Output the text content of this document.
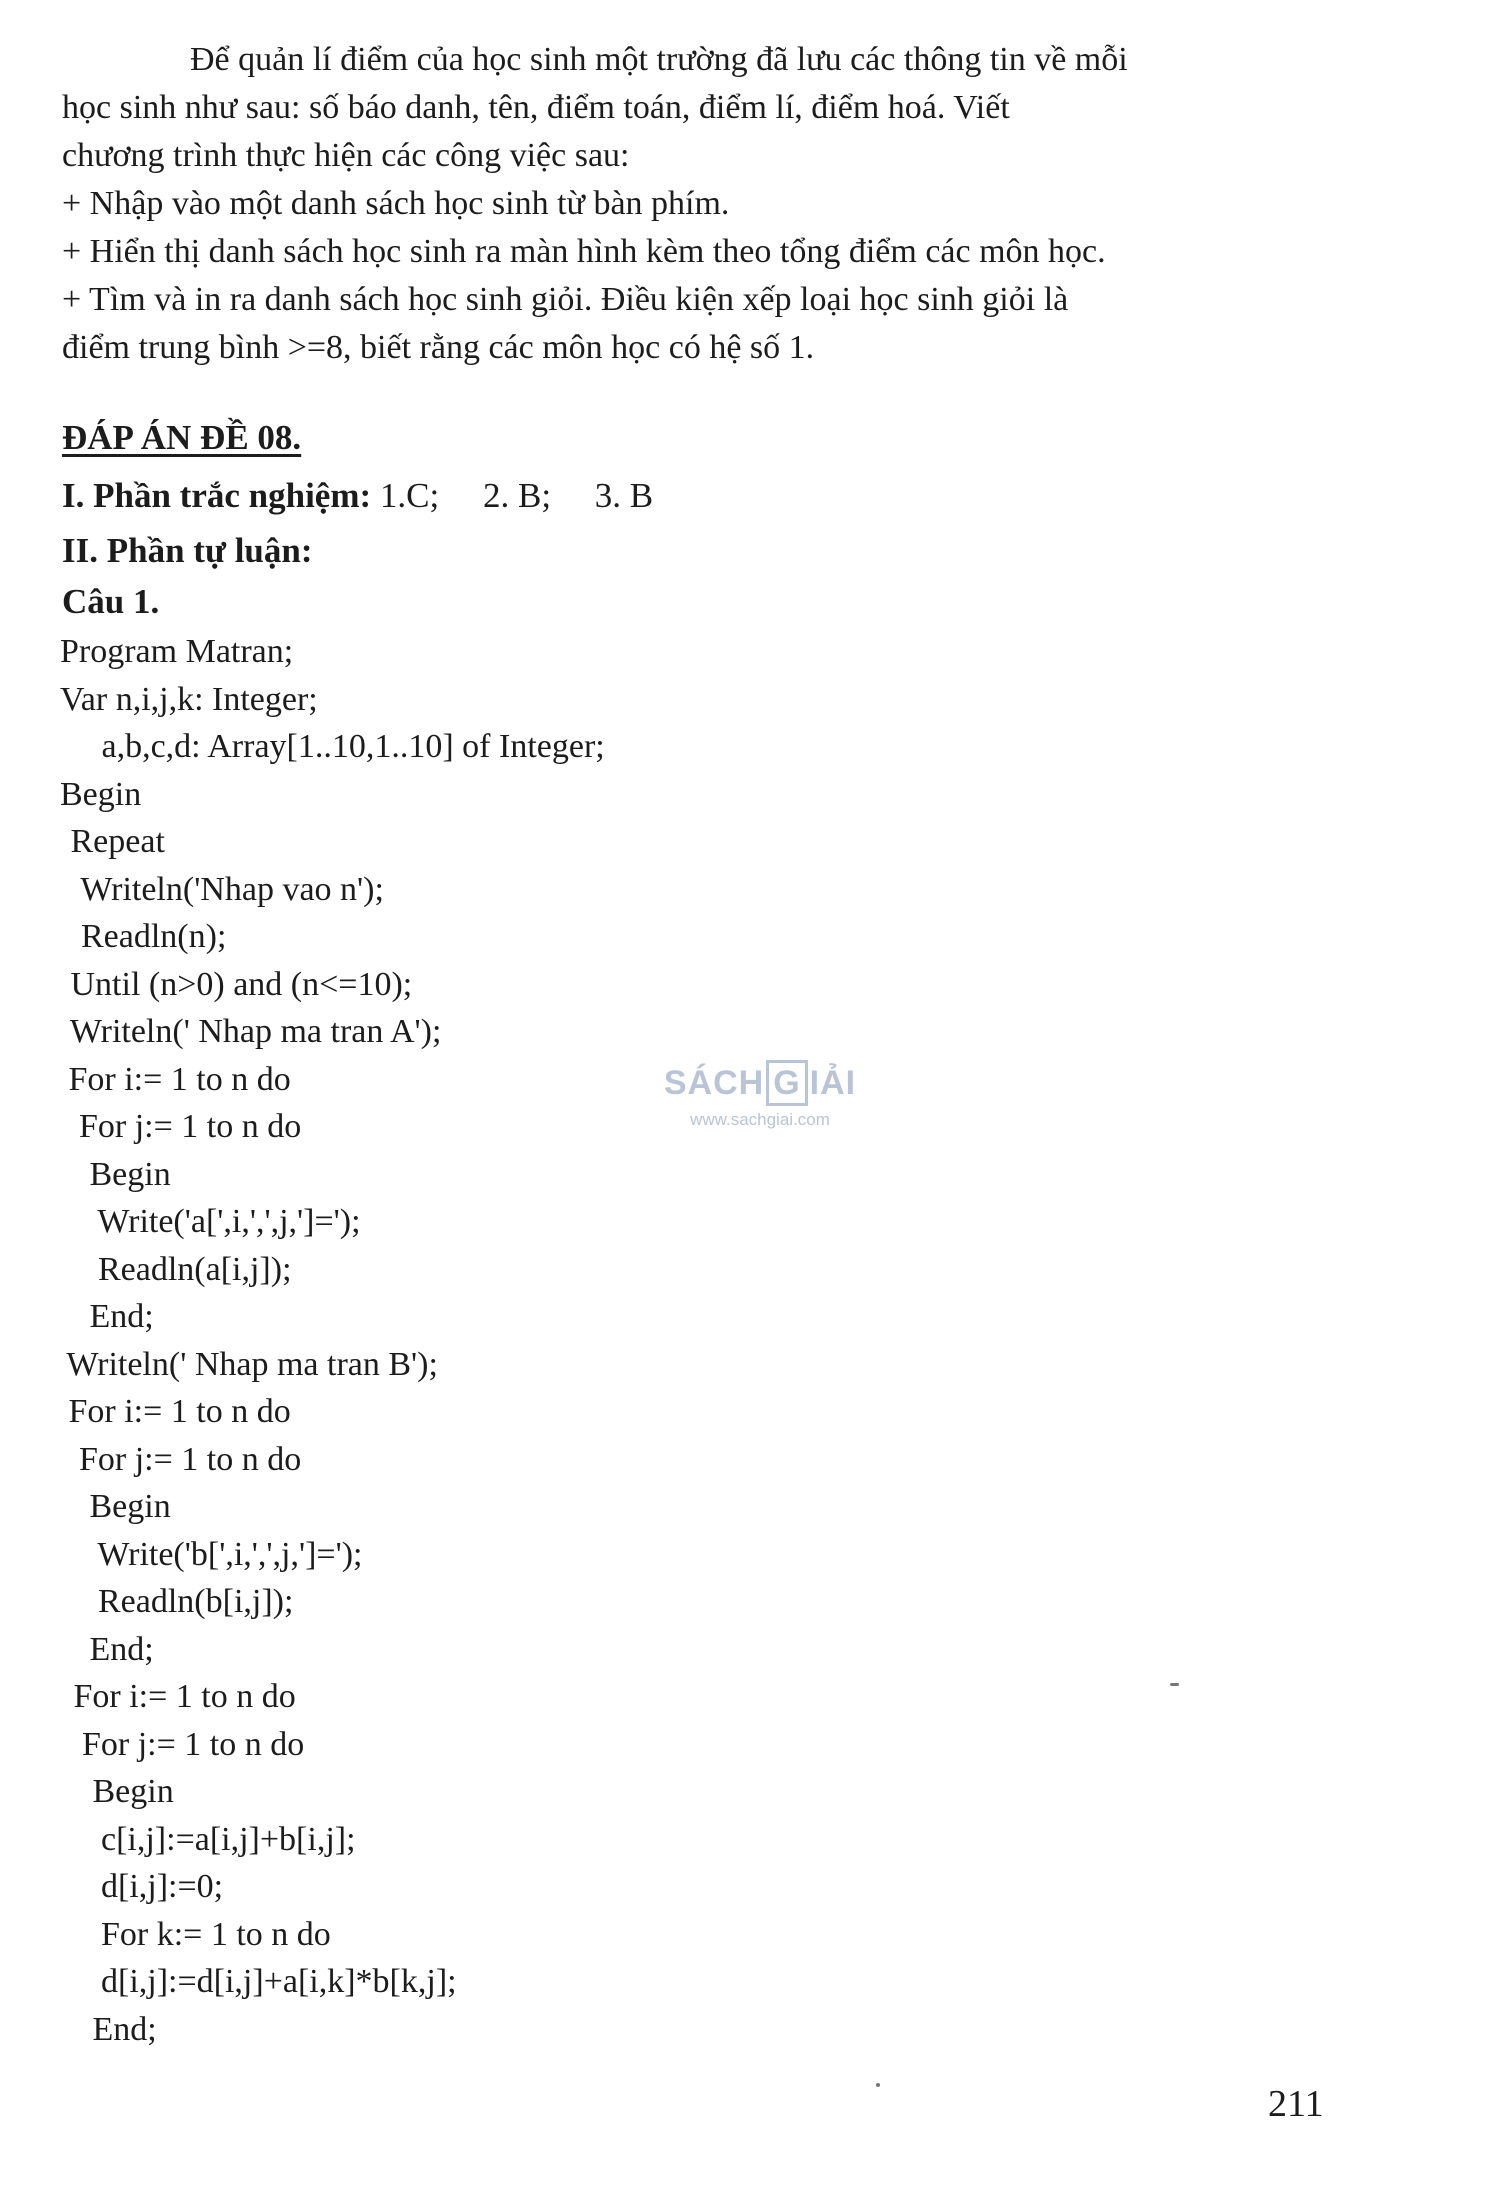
Để quản lí điểm của học sinh một trường đã lưu các thông tin về mỗi

học sinh như sau: số báo danh, tên, điểm toán, điểm lí, điểm hoá. Viết

chương trình thực hiện các công việc sau:

+ Nhập vào một danh sách học sinh từ bàn phím.

+ Hiển thị danh sách học sinh ra màn hình kèm theo tổng điểm các môn học.

+ Tìm và in ra danh sách học sinh giỏi. Điều kiện xếp loại học sinh giỏi là

điểm trung bình >=8, biết rằng các môn học có hệ số 1.

ĐÁP ÁN ĐỀ 08.
I. Phần trắc nghiệm: 1.C;     2. B;     3. B
II. Phần tự luận:
Câu 1.
Program Matran;
Var n,i,j,k: Integer;
a,b,c,d: Array[1..10,1..10] of Integer;
Begin
Repeat
Writeln('Nhap vao n');
Readln(n);
Until (n>0) and (n<=10);
Writeln(' Nhap ma tran A');
For i:= 1 to n do
For j:= 1 to n do
Begin
Write('a[',i,',',j,']=');
Readln(a[i,j]);
End;
Writeln(' Nhap ma tran B');
For i:= 1 to n do
For j:= 1 to n do
Begin
Write('b[',i,',',j,']=');
Readln(b[i,j]);
End;
For i:= 1 to n do
For j:= 1 to n do
Begin
c[i,j]:=a[i,j]+b[i,j];
d[i,j]:=0;
For k:= 1 to n do
d[i,j]:=d[i,j]+a[i,k]*b[k,j];
End;
SÁCH G IẢI
www.sachgiai.com
211
